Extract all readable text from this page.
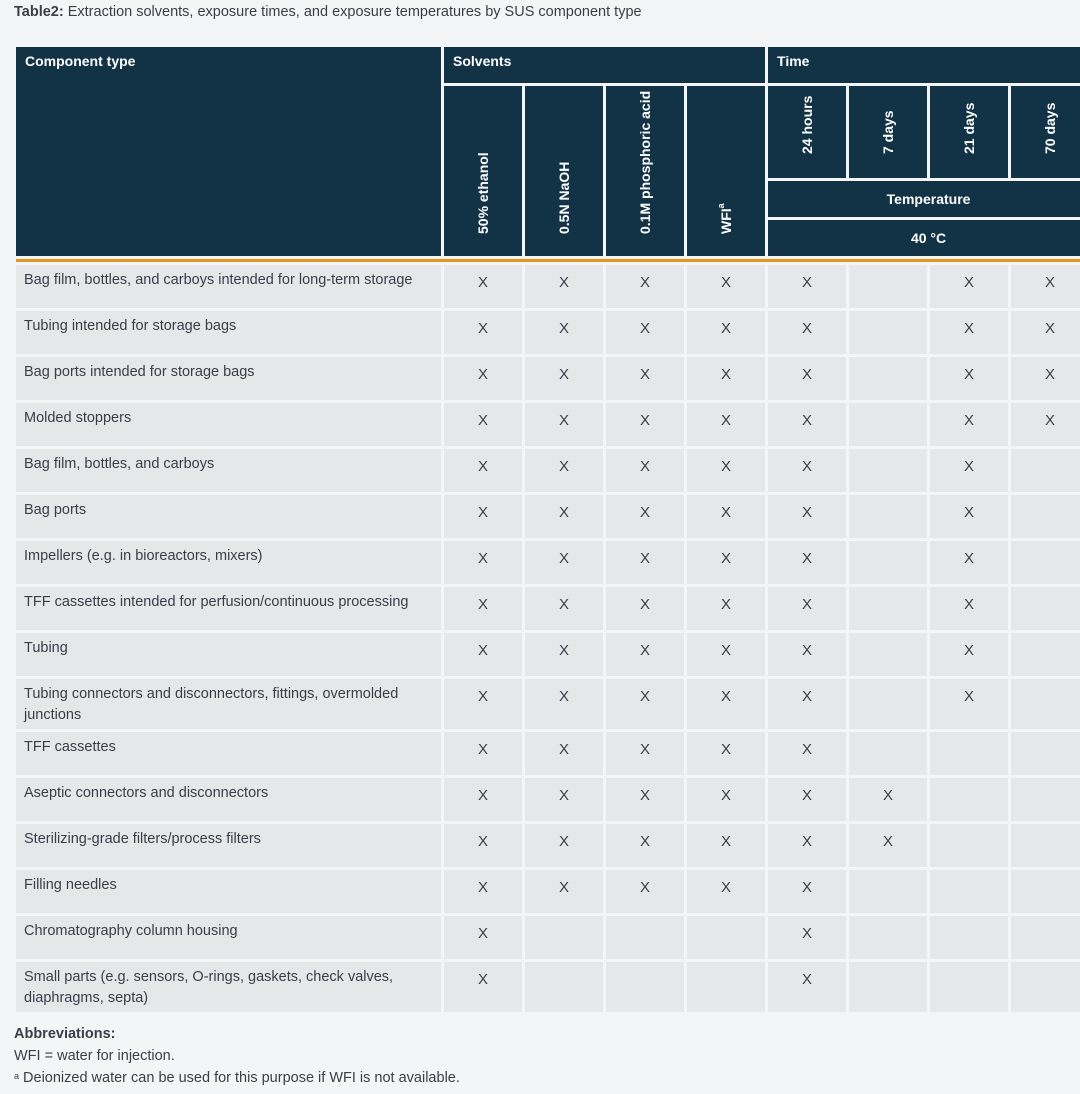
Table2: Extraction solvents, exposure times, and exposure temperatures by SUS component type
Component type	Solvents				Time			

	50% ethanol	0.5N NaOH	0.1M phosphoric acid	WFI$^a$	24 hours	7 days	21 days	70 days

					Temperature			
					40 °C			

Bag film, bottles, and carboys intended for long-term storage	X	X	X	X	X		X	X
Tubing intended for storage bags	X	X	X	X	X		X	X
Bag ports intended for storage bags	X	X	X	X	X		X	X
Molded stoppers	X	X	X	X	X		X	X
Bag film, bottles, and carboys	X	X	X	X	X		X	
Bag ports	X	X	X	X	X		X	
Impellers (e.g. in bioreactors, mixers)	X	X	X	X	X		X	
TFF cassettes intended for perfusion/continuous processing	X	X	X	X	X		X	
Tubing	X	X	X	X	X		X	
Tubing connectors and disconnectors, fittings, overmolded junctions	X	X	X	X	X		X	
TFF cassettes	X	X	X	X	X			
Aseptic connectors and disconnectors	X	X	X	X	X	X		
Sterilizing-grade filters/process filters	X	X	X	X	X	X		
Filling needles	X	X	X	X	X			
Chromatography column housing	X				X			
Small parts (e.g. sensors, O-rings, gaskets, check valves, diaphragms, septa)	X				X			
Abbreviations:
WFI = water for injection.
$^a$ Deionized water can be used for this purpose if WFI is not available.
